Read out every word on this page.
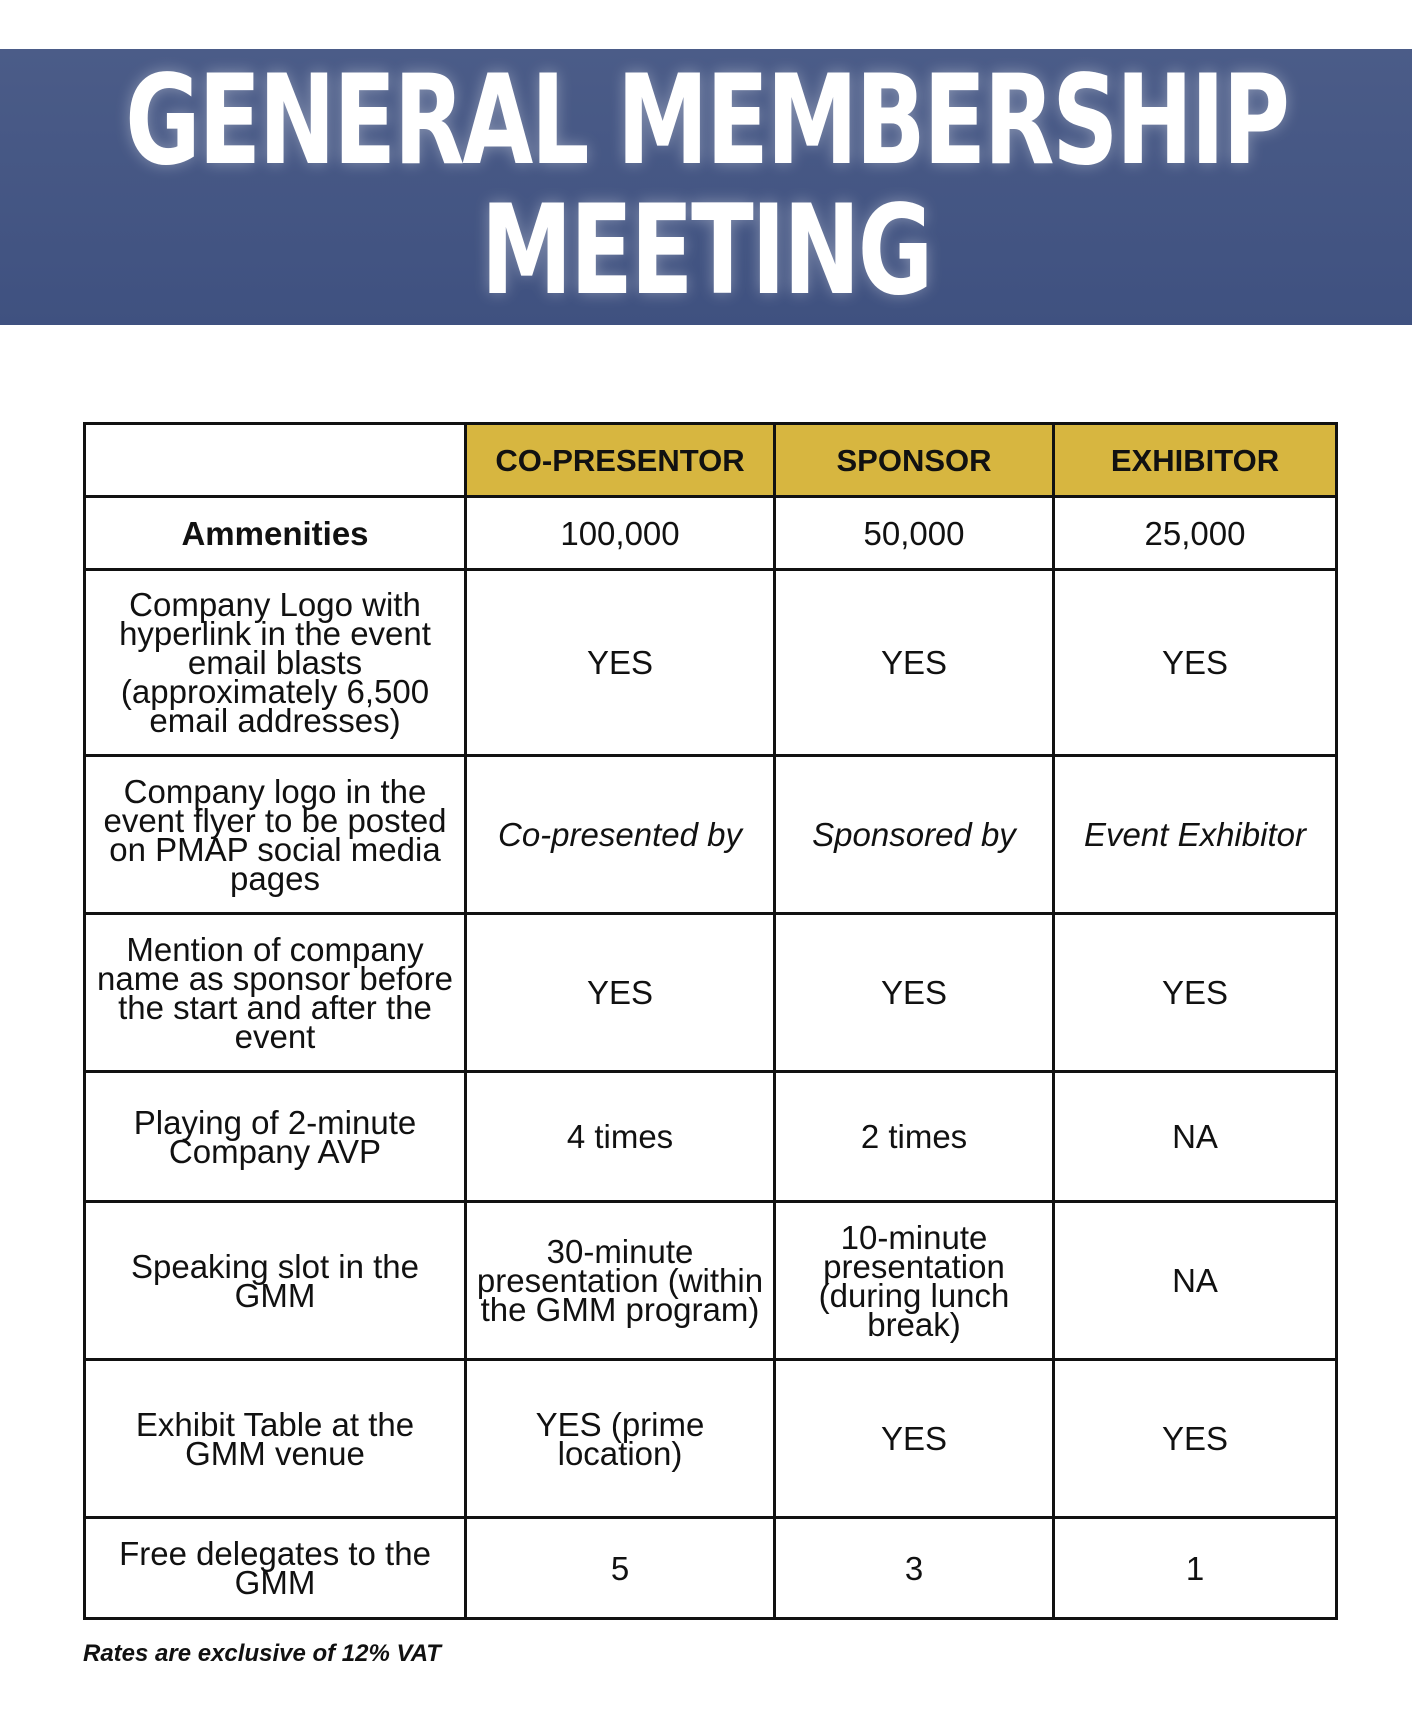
GENERAL MEMBERSHIP
MEETING
	CO-PRESENTOR	SPONSOR	EXHIBITOR
Ammenities	100,000	50,000	25,000
Company Logo with hyperlink in the event email blasts (approximately 6,500 email addresses)	YES	YES	YES
Company logo in the event flyer to be posted on PMAP social media pages	Co-presented by	Sponsored by	Event Exhibitor
Mention of company name as sponsor before the start and after the event	YES	YES	YES
Playing of 2-minute Company AVP	4 times	2 times	NA
Speaking slot in the GMM	30-minute presentation (within the GMM program)	10-minute presentation (during lunch break)	NA
Exhibit Table at the GMM venue	YES (prime location)	YES	YES
Free delegates to the GMM	5	3	1
Rates are exclusive of 12% VAT
